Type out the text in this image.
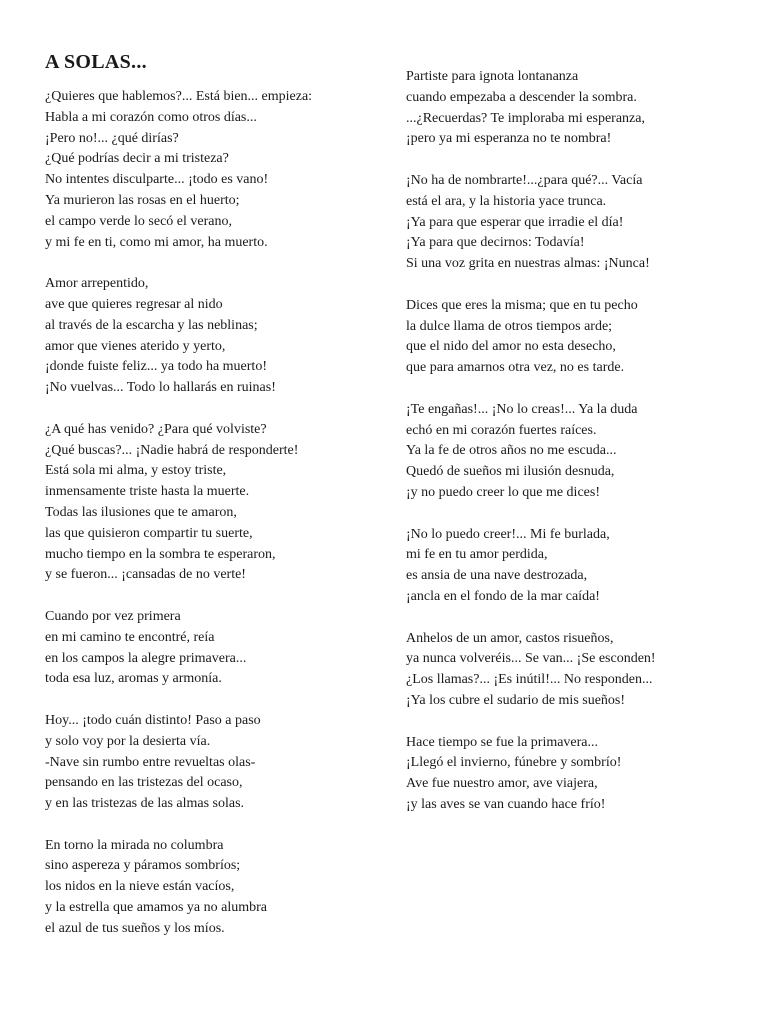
A SOLAS...
¿Quieres que hablemos?... Está bien... empieza:
Habla a mi corazón como otros días...
¡Pero no!... ¿qué dirías?
¿Qué podrías decir a mi tristeza?
No intentes disculparte... ¡todo es vano!
Ya murieron las rosas en el huerto;
el campo verde lo secó el verano,
y mi fe en ti, como mi amor, ha muerto.
Amor arrepentido,
ave que quieres regresar al nido
al través de la escarcha y las neblinas;
amor que vienes aterido y yerto,
¡donde fuiste feliz... ya todo ha muerto!
¡No vuelvas... Todo lo hallarás en ruinas!
¿A qué has venido? ¿Para qué volviste?
¿Qué buscas?... ¡Nadie habrá de responderte!
Está sola mi alma, y estoy triste,
inmensamente triste hasta la muerte.
Todas las ilusiones que te amaron,
las que quisieron compartir tu suerte,
mucho tiempo en la sombra te esperaron,
y se fueron... ¡cansadas de no verte!
Cuando por vez primera
en mi camino te encontré, reía
en los campos la alegre primavera...
toda esa luz, aromas y armonía.
Hoy... ¡todo cuán distinto! Paso a paso
y solo voy por la desierta vía.
-Nave sin rumbo entre revueltas olas-
pensando en las tristezas del ocaso,
y en las tristezas de las almas solas.
En torno la mirada no columbra
sino aspereza y páramos sombríos;
los nidos en la nieve están vacíos,
y la estrella que amamos ya no alumbra
el azul de tus sueños y los míos.
Partiste para ignota lontananza
cuando empezaba a descender la sombra.
...¿Recuerdas? Te imploraba mi esperanza,
¡pero ya mi esperanza no te nombra!
¡No ha de nombrarte!...¿para qué?... Vacía
está el ara, y la historia yace trunca.
¡Ya para que esperar que irradie el día!
¡Ya para que decirnos: Todavía!
Si una voz grita en nuestras almas: ¡Nunca!
Dices que eres la misma; que en tu pecho
la dulce llama de otros tiempos arde;
que el nido del amor no esta desecho,
que para amarnos otra vez, no es tarde.
¡Te engañas!... ¡No lo creas!... Ya la duda
echó en mi corazón fuertes raíces.
Ya la fe de otros años no me escuda...
Quedó de sueños mi ilusión desnuda,
¡y no puedo creer lo que me dices!
¡No lo puedo creer!... Mi fe burlada,
mi fe en tu amor perdida,
es ansia de una nave destrozada,
¡ancla en el fondo de la mar caída!
Anhelos de un amor, castos risueños,
ya nunca volveréis... Se van... ¡Se esconden!
¿Los llamas?... ¡Es inútil!... No responden...
¡Ya los cubre el sudario de mis sueños!
Hace tiempo se fue la primavera...
¡Llegó el invierno, fúnebre y sombrío!
Ave fue nuestro amor, ave viajera,
¡y las aves se van cuando hace frío!
